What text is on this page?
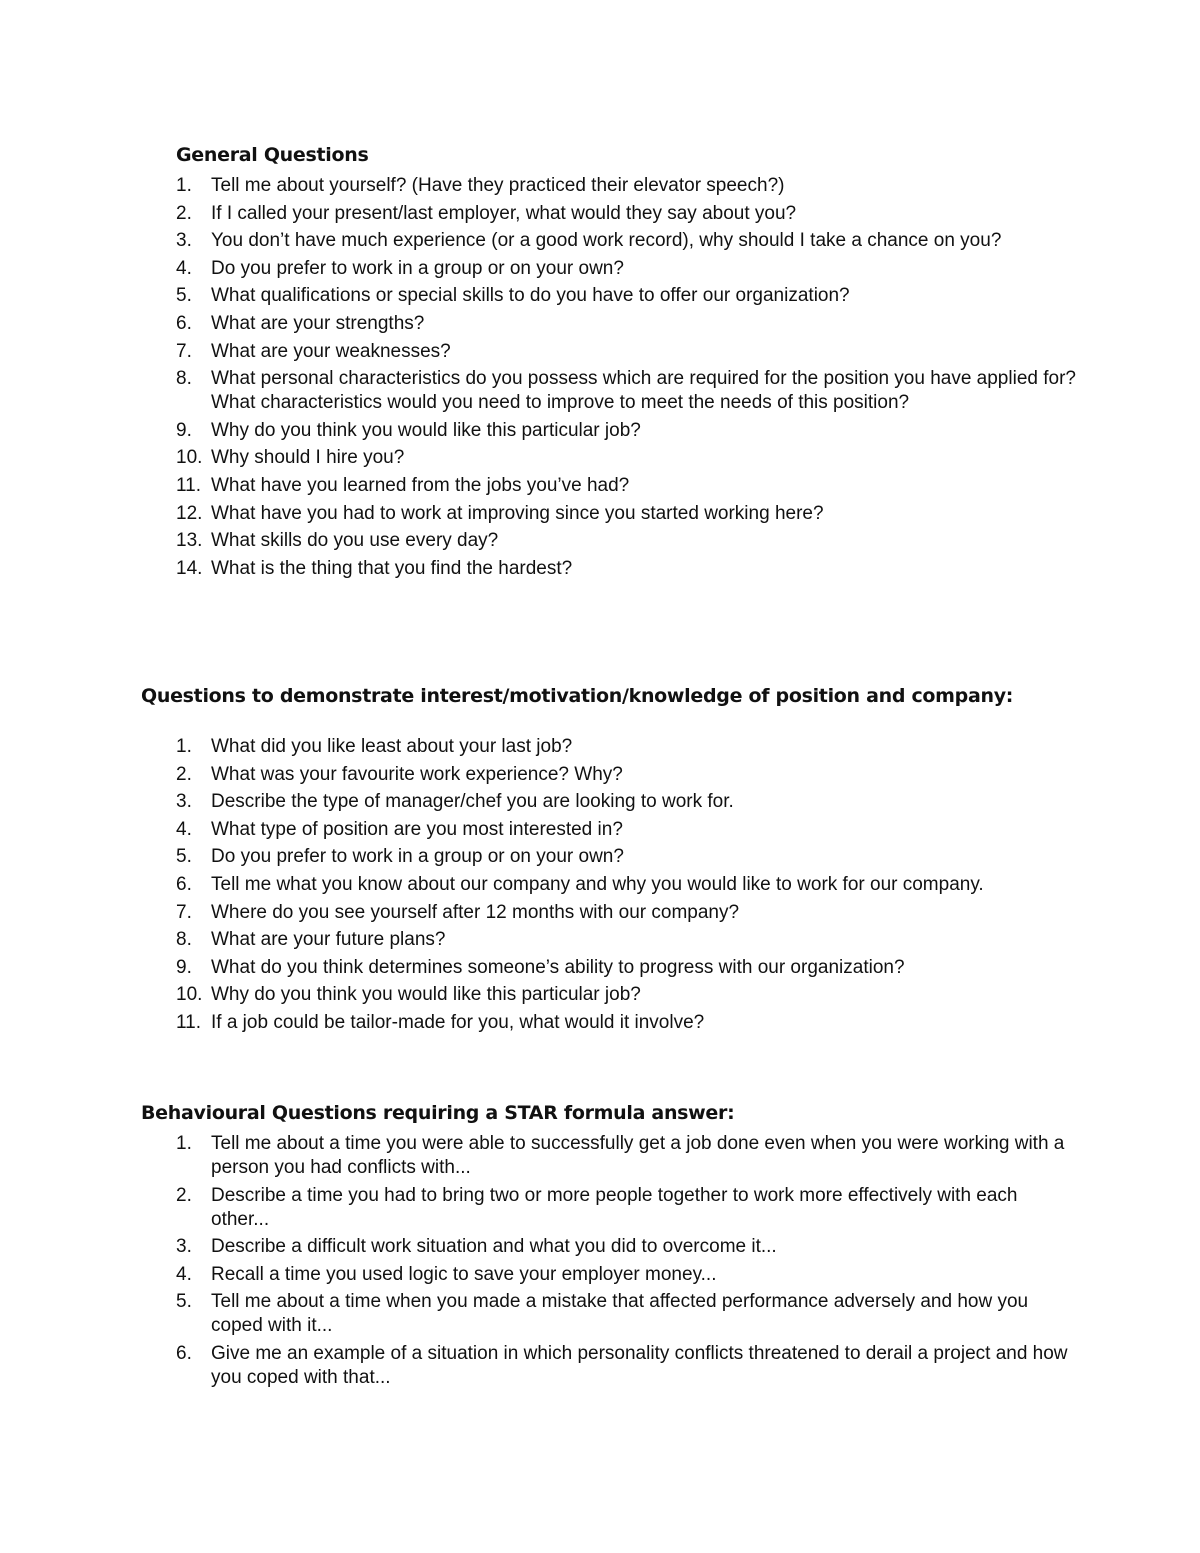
General Questions
1.	Tell me about yourself? (Have they practiced their elevator speech?)
2.	If I called your present/last employer, what would they say about you?
3.	You don’t have much experience (or a good work record), why should I take a chance on you?
4.	Do you prefer to work in a group or on your own?
5.	What qualifications or special skills to do you have to offer our organization?
6.	What are your strengths?
7.	What are your weaknesses?
8.	What personal characteristics do you possess which are required for the position you have applied for? What characteristics would you need to improve to meet the needs of this position?
9.	Why do you think you would like this particular job?
10. Why should I hire you?
11. What have you learned from the jobs you’ve had?
12. What have you had to work at improving since you started working here?
13. What skills do you use every day?
14. What is the thing that you find the hardest?
Questions to demonstrate interest/motivation/knowledge of position and company:
1.	What did you like least about your last job?
2.	What was your favourite work experience? Why?
3.	Describe the type of manager/chef you are looking to work for.
4.	What type of position are you most interested in?
5.	Do you prefer to work in a group or on your own?
6.	Tell me what you know about our company and why you would like to work for our company.
7.	Where do you see yourself after 12 months with our company?
8.	What are your future plans?
9.	What do you think determines someone’s ability to progress with our organization?
10. Why do you think you would like this particular job?
11. If a job could be tailor-made for you, what would it involve?
Behavioural Questions requiring a STAR formula answer:
1.	Tell me about a time you were able to successfully get a job done even when you were working with a person you had conflicts with...
2.	Describe a time you had to bring two or more people together to work more effectively with each other...
3.	Describe a difficult work situation and what you did to overcome it...
4.	Recall a time you used logic to save your employer money...
5.	Tell me about a time when you made a mistake that affected performance adversely and how you coped with it...
6.	Give me an example of a situation in which personality conflicts threatened to derail a project and how you coped with that...
